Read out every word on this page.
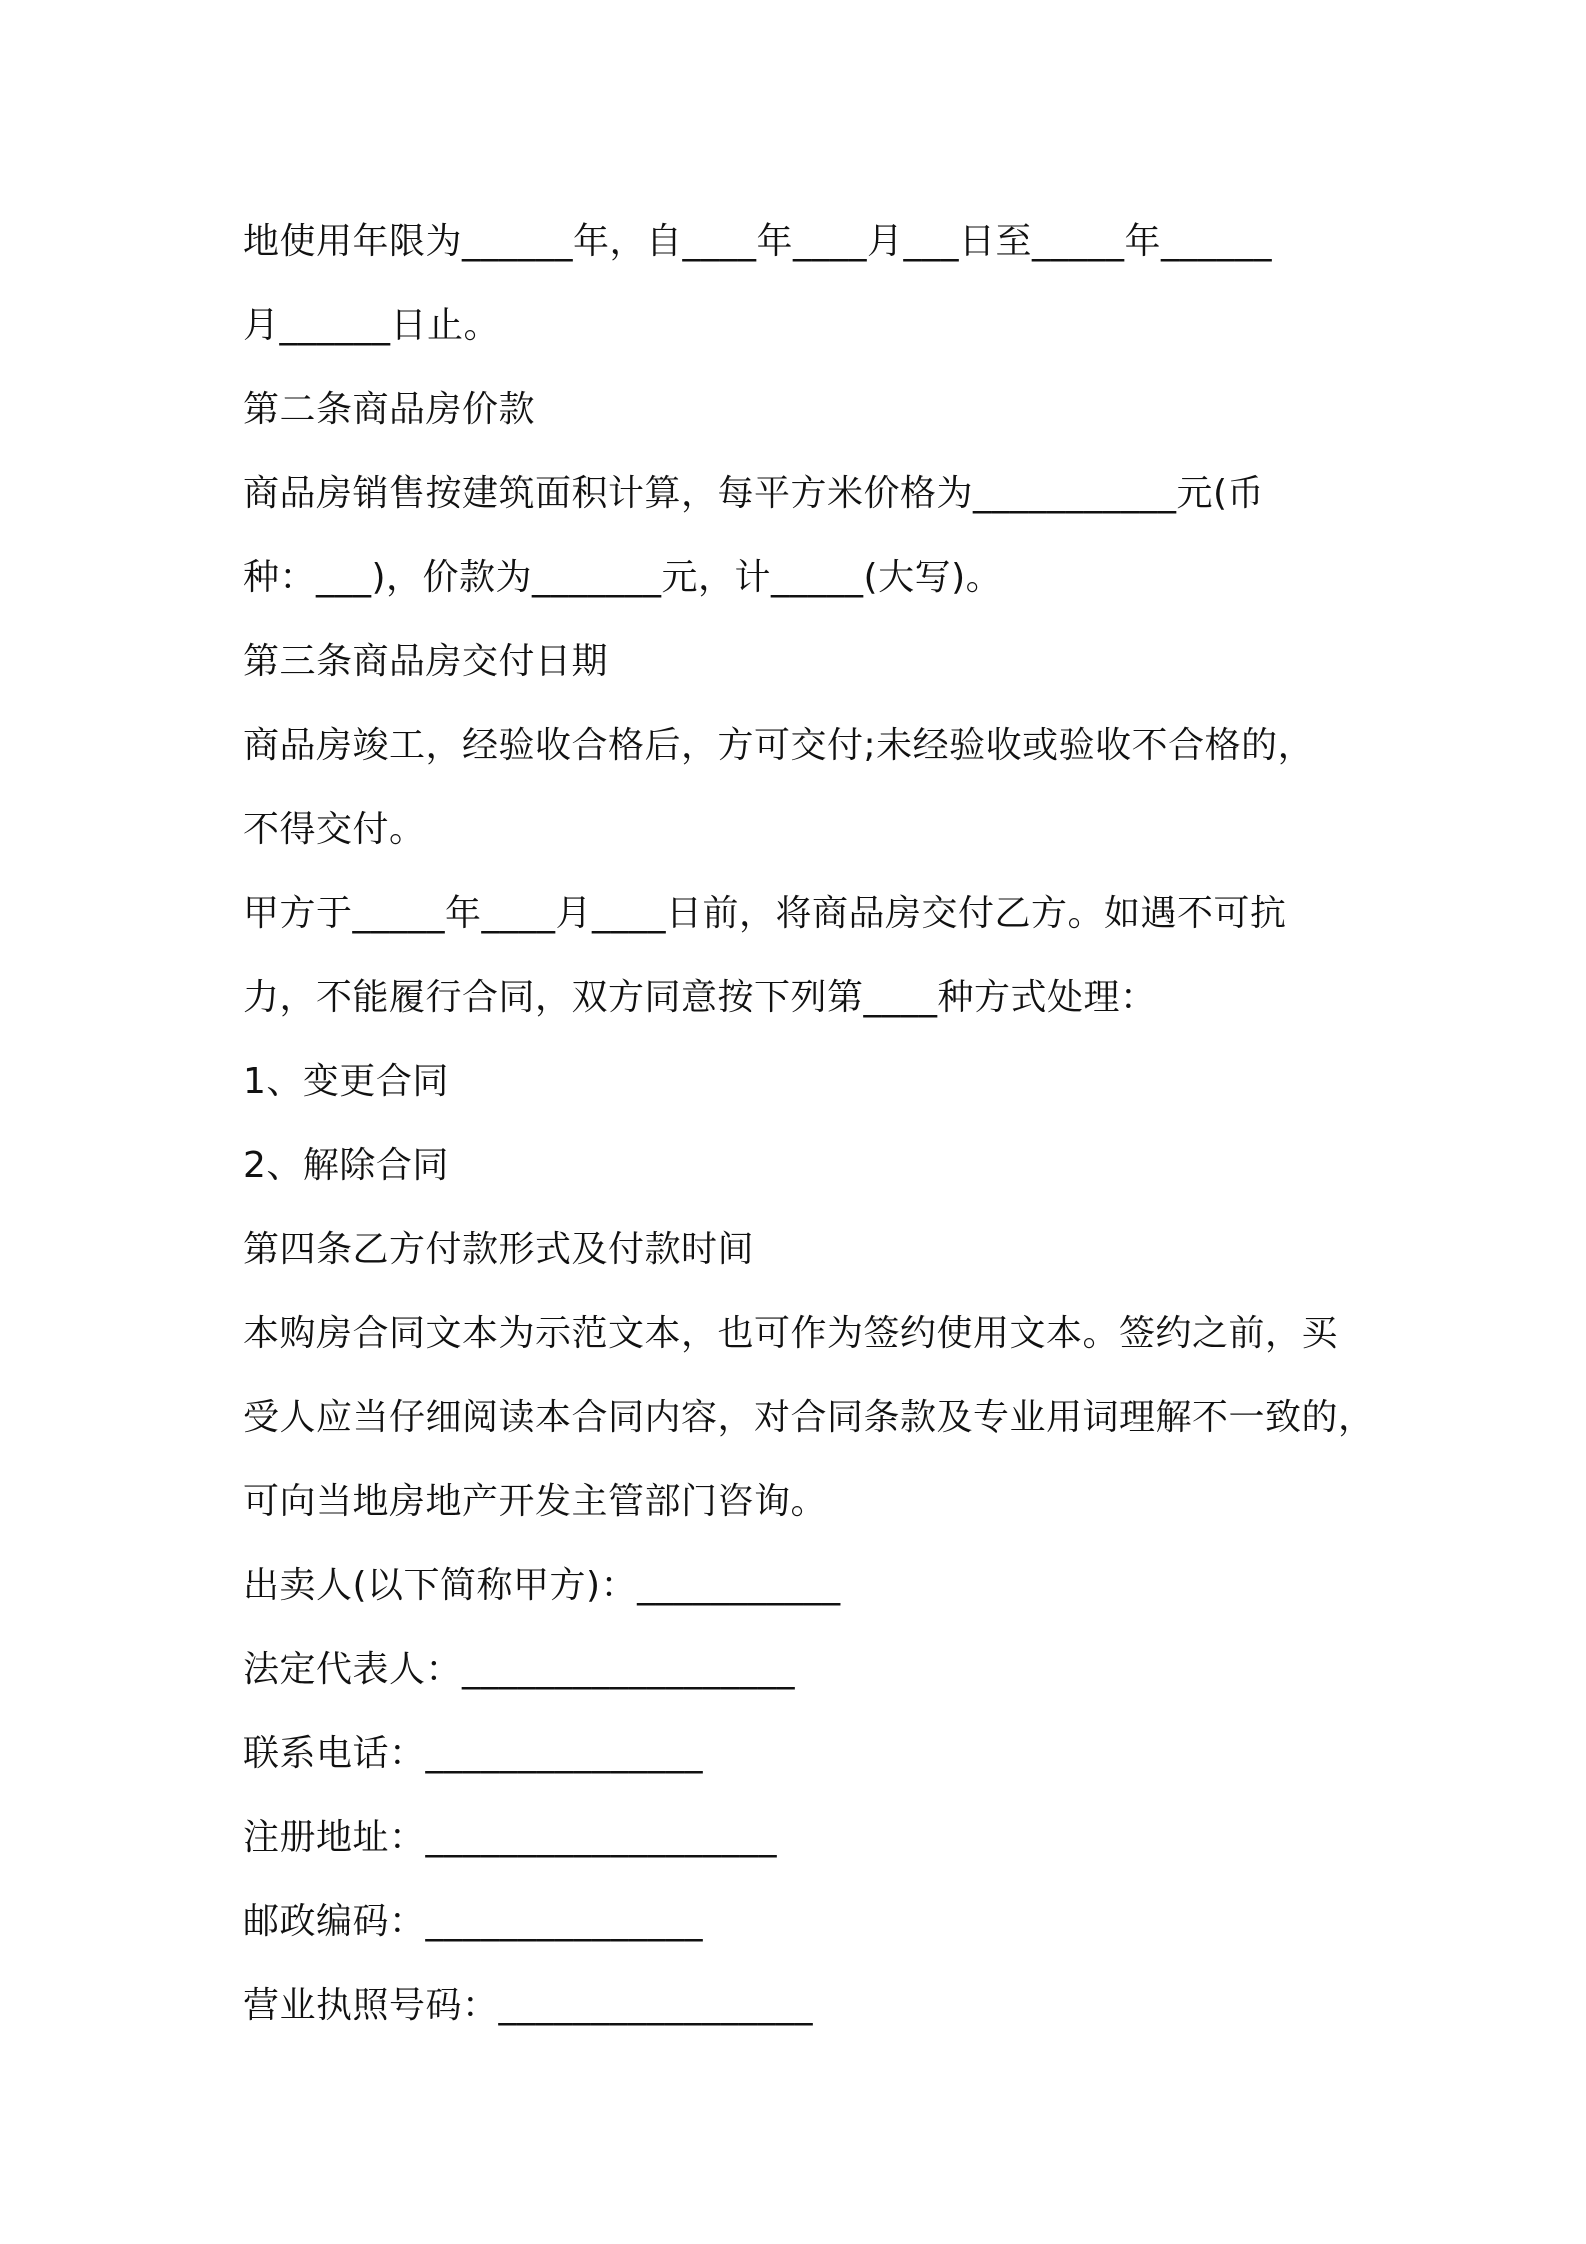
地使用年限为______年，自____年____月___日至_____年______
月______日止。
第二条商品房价款
商品房销售按建筑面积计算，每平方米价格为___________元(币
种：___)，价款为_______元，计_____(大写)。
第三条商品房交付日期
商品房竣工，经验收合格后，方可交付;未经验收或验收不合格的，
不得交付。
甲方于_____年____月____日前，将商品房交付乙方。如遇不可抗
力，不能履行合同，双方同意按下列第____种方式处理：
1、变更合同
2、解除合同
第四条乙方付款形式及付款时间
本购房合同文本为示范文本，也可作为签约使用文本。签约之前，买
受人应当仔细阅读本合同内容，对合同条款及专业用词理解不一致的，
可向当地房地产开发主管部门咨询。
出卖人(以下简称甲方)：___________
法定代表人：__________________
联系电话：_______________
注册地址：___________________
邮政编码：_______________
营业执照号码：_________________
